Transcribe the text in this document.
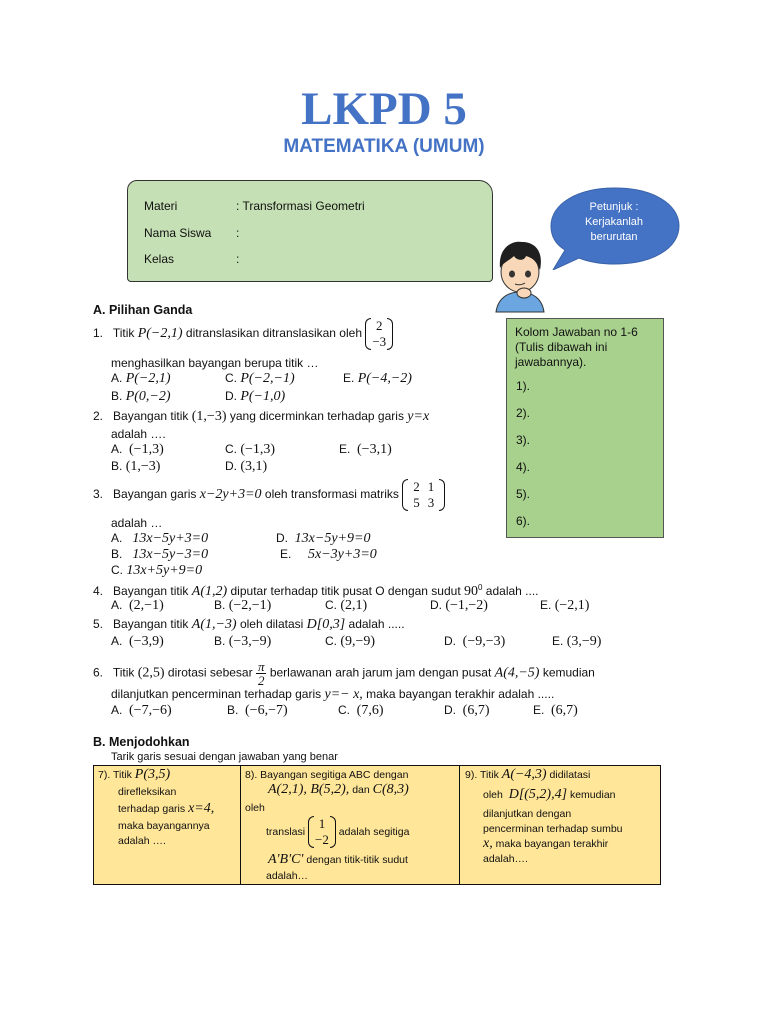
LKPD 5
MATEMATIKA (UMUM)
Materi	: Transformasi Geometri
Nama Siswa :
Kelas	:
Petunjuk :
Kerjakanlah
berurutan
Kolom Jawaban no 1-6 (Tulis dibawah ini jawabannya).
1).
2).
3).
4).
5).
6).
A. Pilihan Ganda
1. Titik P(−2,1) ditranslasikan ditranslasikan oleh
2
−3
menghasilkan bayangan berupa titik …
A. P(−2,1)	C. P(−2,−1)	E. P(−4,−2)
B. P(0,−2)	D. P(−1,0)
2. Bayangan titik (1,−3) yang dicerminkan terhadap garis y=x
adalah ….
A. (−1,3)	C. (−1,3)	E. (−3,1)
B. (1,−3)	D. (3,1)
3. Bayangan garis x−2y+3=0 oleh transformasi matriks
2	1
5	3
adalah …
A. 13x−5y+3=0	D. 13x−5y+9=0
B. 13x−5y−3=0	E. 5x−3y+3=0
C. 13x+5y+9=0
4. Bayangan titik A(1,2) diputar terhadap titik pusat O dengan sudut $90^0$ adalah ....
A. (2,−1)	B. (−2,−1)	C. (2,1)	D. (−1,−2)	E. (−2,1)
5. Bayangan titik A(1,−3) oleh dilatasi D[0,3] adalah .....
A. (−3,9)	B. (−3,−9)	C. (9,−9)	D. (−9,−3)	E. (3,−9)
6. Titik (2,5) dirotasi sebesar $\frac{\pi}{2}$ berlawanan arah jarum jam dengan pusat A(4,−5) kemudian
dilanjutkan pencerminan terhadap garis y=− x, maka bayangan terakhir adalah .....
A. (−7,−6)	B. (−6,−7)	C. (7,6)	D. (6,7)	E. (6,7)
B. Menjodohkan
Tarik garis sesuai dengan jawaban yang benar
7). Titik P(3,5)
direfleksikan
terhadap garis x=4,
maka bayangannya
adalah ….
8). Bayangan segitiga ABC dengan
A(2,1), B(5,2), dan C(8,3)
oleh
translasi
1
−2
adalah segitiga
A'B'C' dengan titik-titik sudut
adalah…
9). Titik A(−4,3) didilatasi
oleh D[(5,2),4] kemudian
dilanjutkan dengan
pencerminan terhadap sumbu
x, maka bayangan terakhir
adalah….
